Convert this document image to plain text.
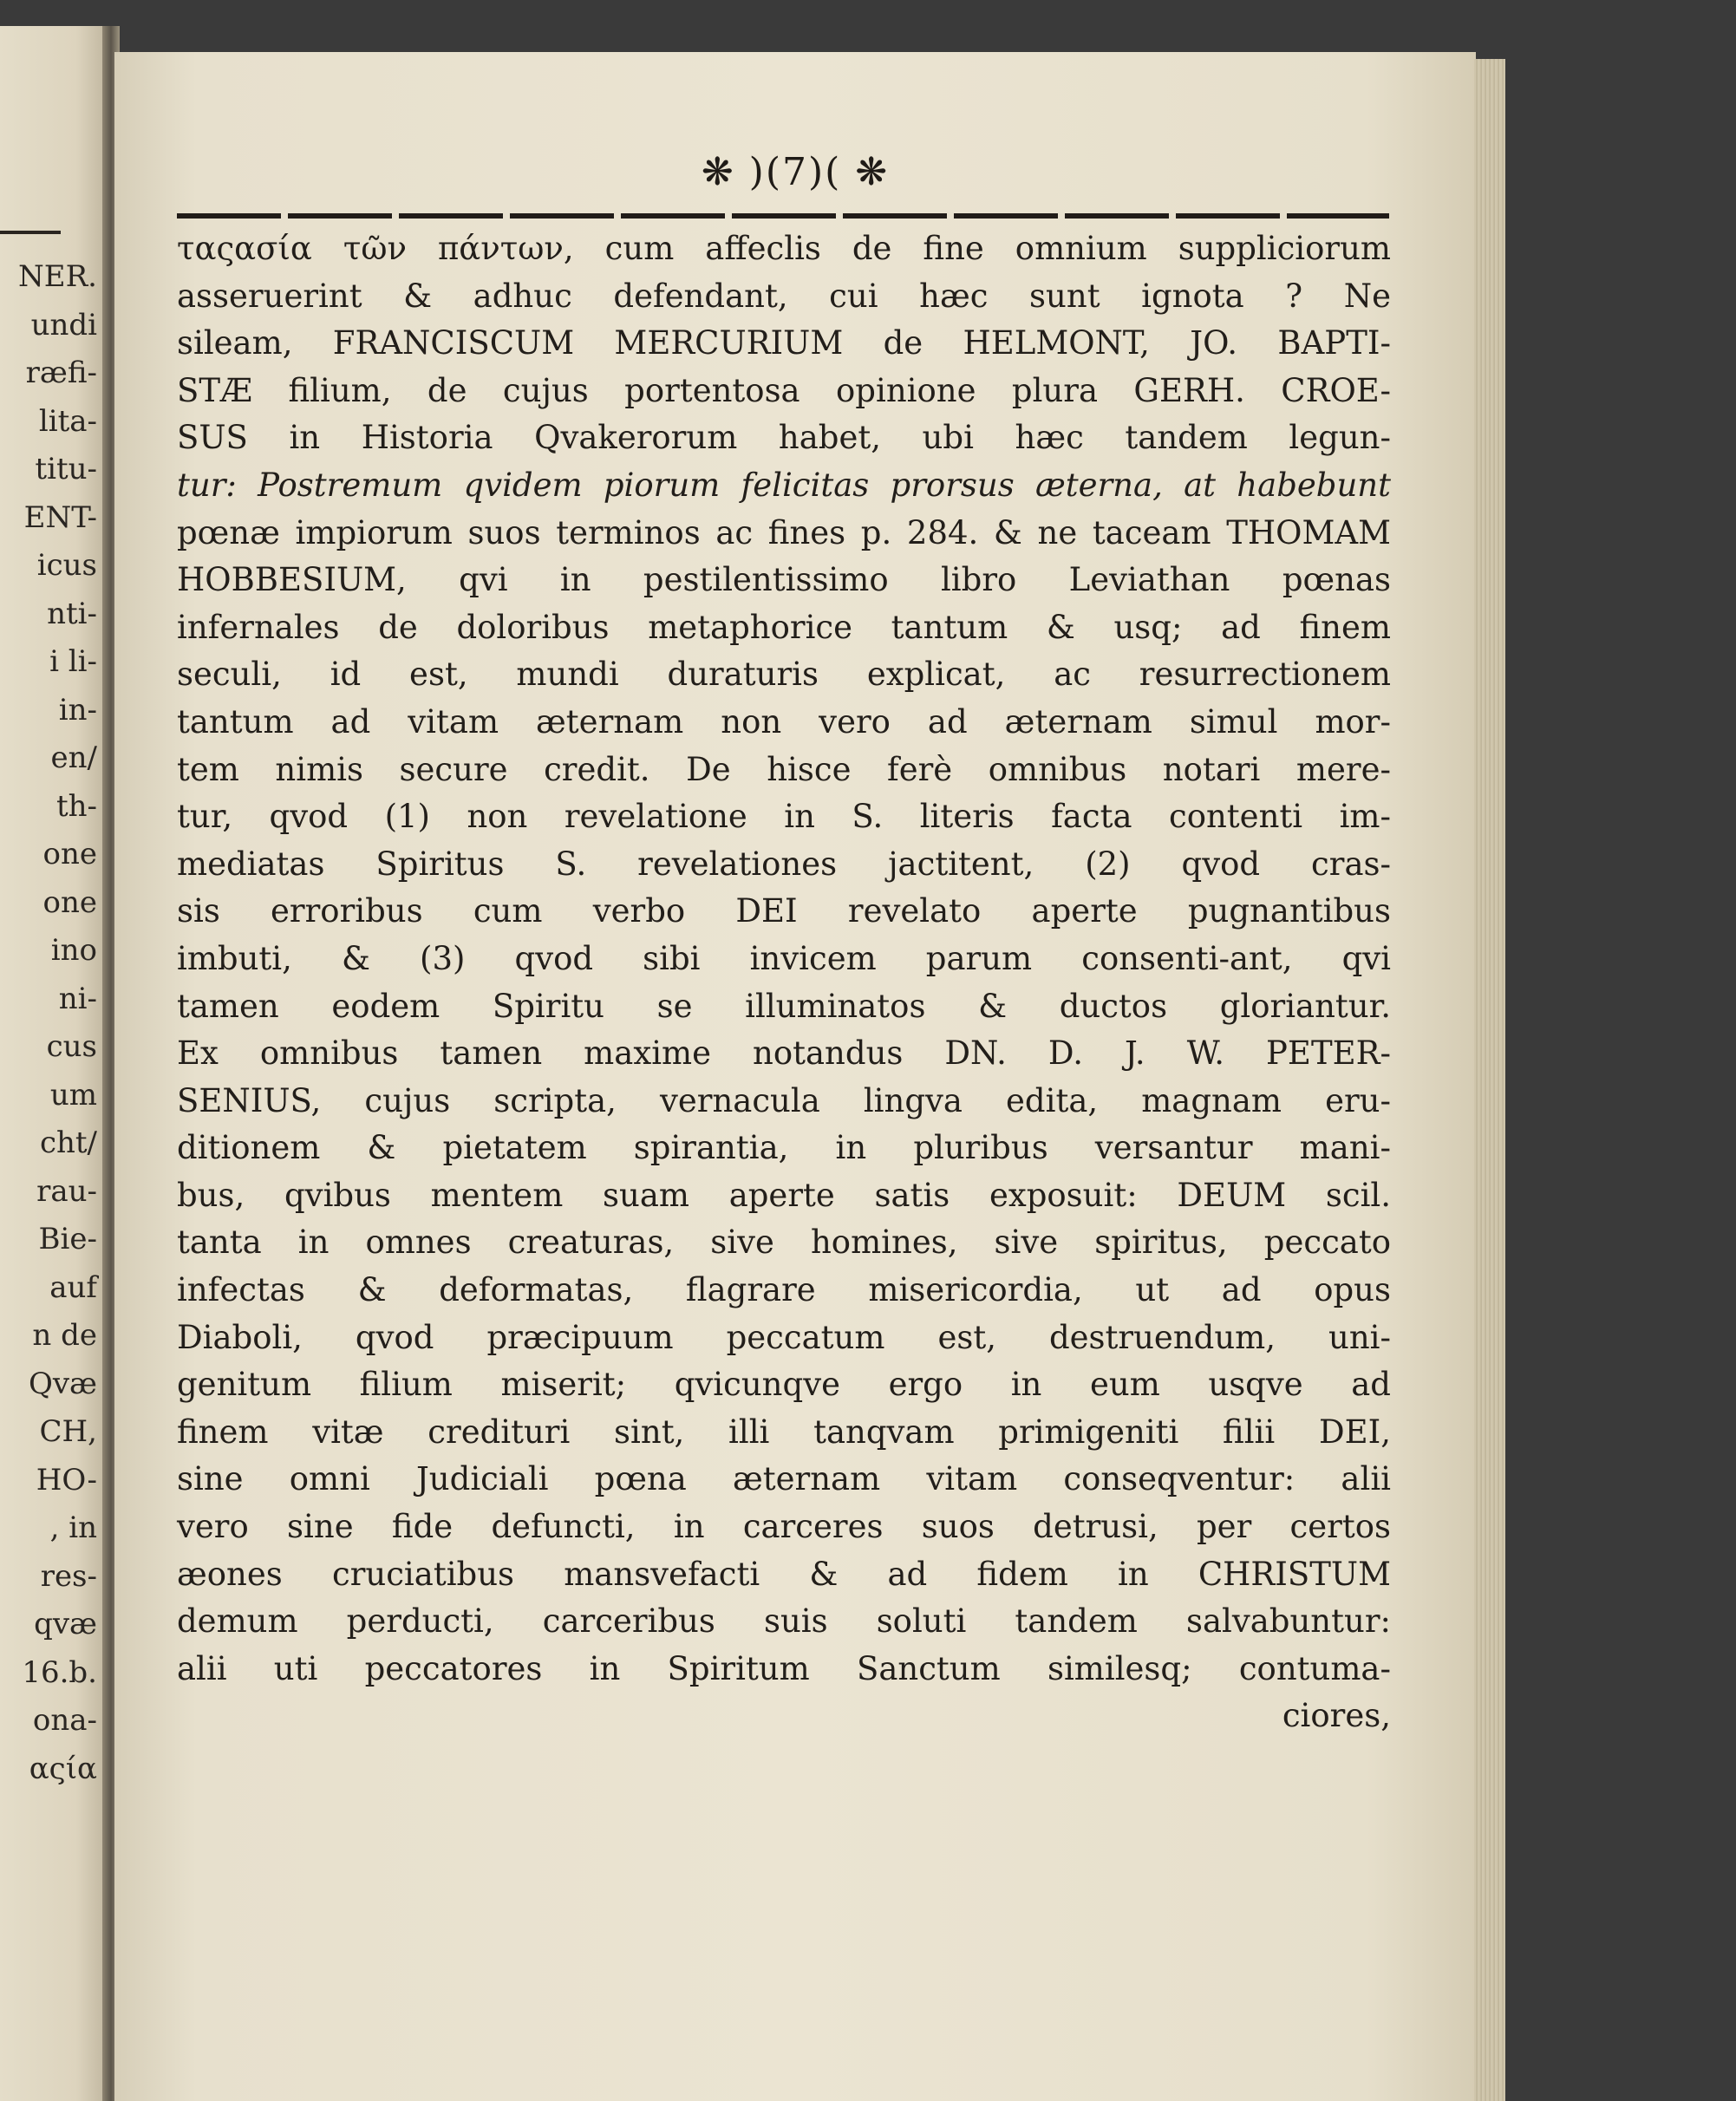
NER.
undi
ræfi-
lita-
titu-
ENT-
icus
nti-
i li-
in-
en/
th-
one
one
ino
ni-
cus
um
cht/
rau-
Bie-
auf
n de
Qvæ
CH,
HO-
, in
res-
qvæ
16.b.
ona-
αςία
❋ )(7)( ❋
ταςασία τῶν πάντων, cum affeclis de fine omnium suppliciorum
asseruerint & adhuc defendant, cui hæc sunt ignota ? Ne
sileam, FRANCISCUM MERCURIUM de HELMONT, JO. BAPTI-
STÆ filium, de cujus portentosa opinione plura GERH. CROE-
SUS in Historia Qvakerorum habet, ubi hæc tandem legun-
tur: Postremum qvidem piorum felicitas prorsus æterna, at habebunt
pœnæ impiorum suos terminos ac fines p. 284. & ne taceam THOMAM
HOBBESIUM, qvi in pestilentissimo libro Leviathan pœnas
infernales de doloribus metaphorice tantum & usq; ad finem
seculi, id est, mundi duraturis explicat, ac resurrectionem
tantum ad vitam æternam non vero ad æternam simul mor-
tem nimis secure credit. De hisce ferè omnibus notari mere-
tur, qvod (1) non revelatione in S. literis facta contenti im-
mediatas Spiritus S. revelationes jactitent, (2) qvod cras-
sis erroribus cum verbo DEI revelato aperte pugnantibus
imbuti, & (3) qvod sibi invicem parum consenti-ant, qvi
tamen eodem Spiritu se illuminatos & ductos gloriantur.
Ex omnibus tamen maxime notandus DN. D. J. W. PETER-
SENIUS, cujus scripta, vernacula lingva edita, magnam eru-
ditionem & pietatem spirantia, in pluribus versantur mani-
bus, qvibus mentem suam aperte satis exposuit: DEUM scil.
tanta in omnes creaturas, sive homines, sive spiritus, peccato
infectas & deformatas, flagrare misericordia, ut ad opus
Diaboli, qvod præcipuum peccatum est, destruendum, uni-
genitum filium miserit; qvicunqve ergo in eum usqve ad
finem vitæ credituri sint, illi tanqvam primigeniti filii DEI,
sine omni Judiciali pœna æternam vitam conseqventur: alii
vero sine fide defuncti, in carceres suos detrusi, per certos
æones cruciatibus mansvefacti & ad fidem in CHRISTUM
demum perducti, carceribus suis soluti tandem salvabuntur:
alii uti peccatores in Spiritum Sanctum similesq; contuma-
ciores,
